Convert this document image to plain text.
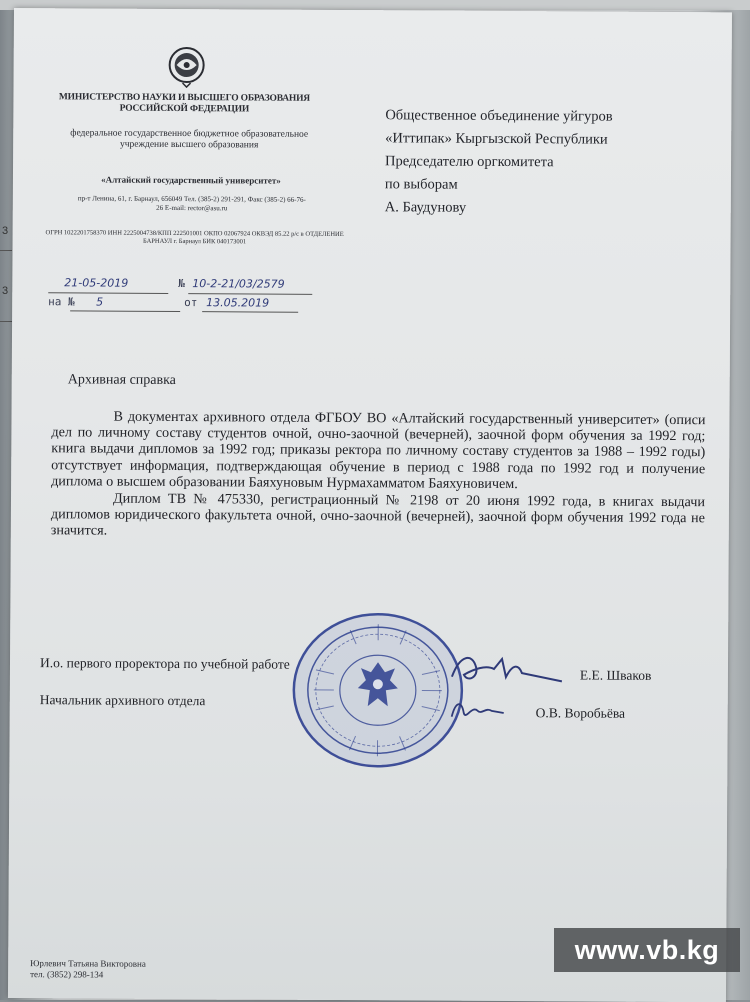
3
3
МИНИСТЕРСТВО НАУКИ И ВЫСШЕГО ОБРАЗОВАНИЯ РОССИЙСКОЙ ФЕДЕРАЦИИ
федеральное государственное бюджетное образовательное учреждение высшего образования
«Алтайский государственный университет»
пр-т Ленина, 61, г. Барнаул, 656049 Тел. (385-2) 291-291, Факс (385-2) 66-76-26 E-mail: rector@asu.ru
ОГРН 1022201758370 ИНН 2225004738/КПП 222501001 ОКПО 02067924 ОКВЭД 85.22 р/с в ОТДЕЛЕНИЕ БАРНАУЛ г. Барнаул БИК 040173001
21-05-2019	№ 10-2-21/03/2579
на № 5	от 13.05.2019
Общественное объединение уйгуров
«Иттипак» Кыргызской Республики
Председателю оргкомитета
по выборам
А. Баудунову
Архивная справка

В документах архивного отдела ФГБОУ ВО «Алтайский государственный университет» (описи дел по личному составу студентов очной, очно-заочной (вечерней), заочной форм обучения за 1992 год; книга выдачи дипломов за 1992 год; приказы ректора по личному составу студентов за 1988 – 1992 годы) отсутствует информация, подтверждающая обучение в период с 1988 года по 1992 год и получение диплома о высшем образовании Баяхуновым Нурмахамматом Баяхуновичем.

Диплом ТВ № 475330, регистрационный № 2198 от 20 июня 1992 года, в книгах выдачи дипломов юридического факультета очной, очно-заочной (вечерней), заочной форм обучения 1992 года не значится.

И.о. первого проректора по учебной работе
Е.Е. Шваков
Начальник архивного отдела
О.В. Воробьёва
Юрлевич Татьяна Викторовна
тел. (3852) 298-134
www.vb.kg
